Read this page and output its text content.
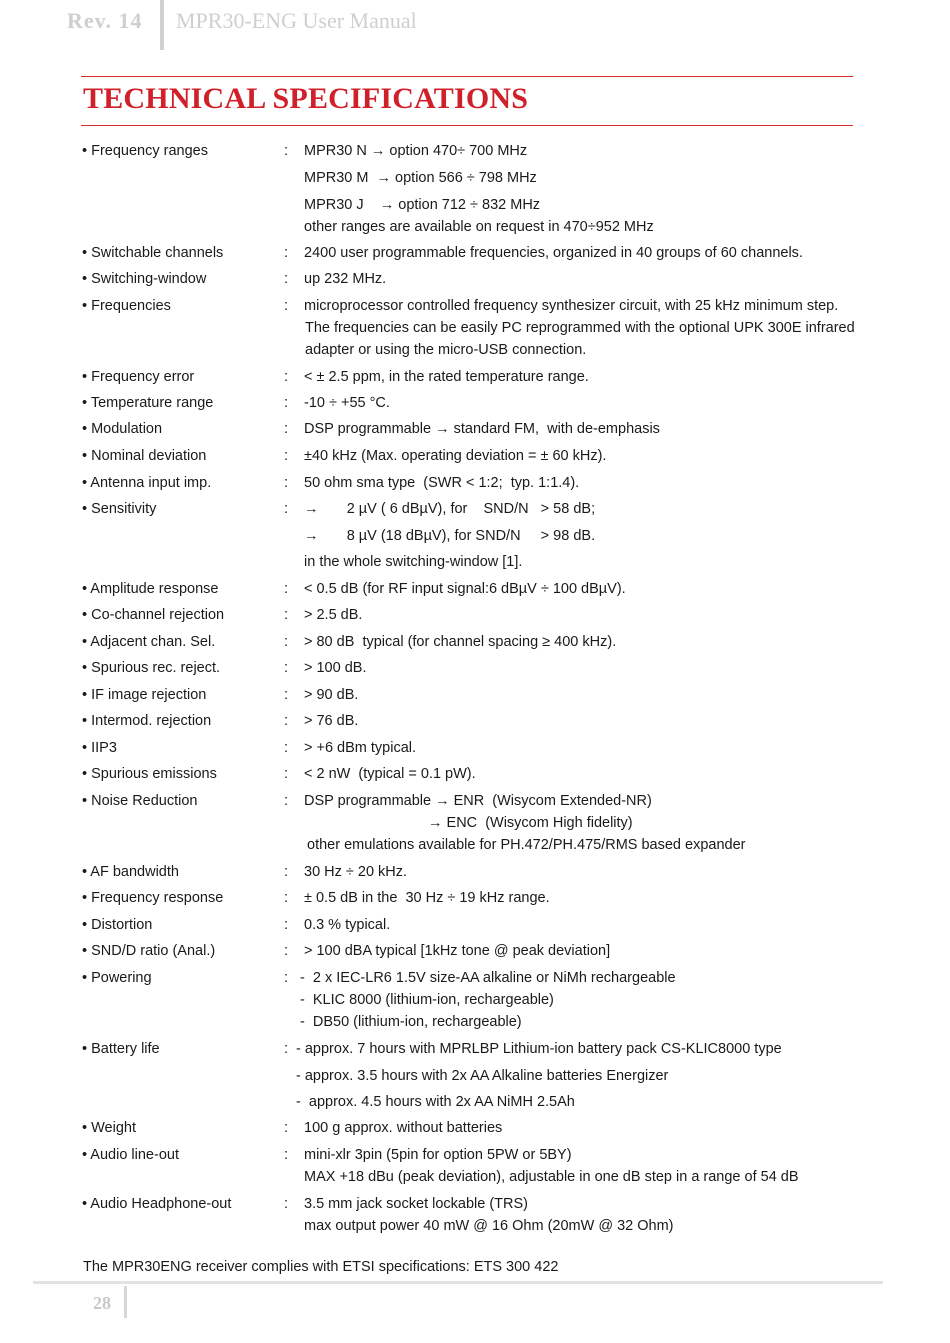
Rev. 14 MPR30-ENG User Manual
TECHNICAL SPECIFICATIONS
• Frequency ranges	: MPR30 N → option 470÷ 700 MHz
MPR30 M  → option 566 ÷ 798 MHz
MPR30 J    → option 712 ÷ 832 MHz
other ranges are available on request in 470÷952 MHz
• Switchable channels	: 2400 user programmable frequencies, organized in 40 groups of 60 channels.
• Switching-window	: up 232 MHz.
• Frequencies	: microprocessor controlled frequency synthesizer circuit, with 25 kHz minimum step.
The frequencies can be easily PC reprogrammed with the optional UPK 300E infrared
adapter or using the micro-USB connection.
• Frequency error	: < ± 2.5 ppm, in the rated temperature range.
• Temperature range	: -10 ÷ +55 °C.
• Modulation	: DSP programmable → standard FM,  with de-emphasis
• Nominal deviation	: ±40 kHz (Max. operating deviation = ± 60 kHz).
• Antenna input imp.	: 50 ohm sma type  (SWR < 1:2;  typ. 1:1.4).
• Sensitivity	: →       2 µV ( 6 dBµV), for    SND/N   > 58 dB;
→       8 µV (18 dBµV), for SND/N     > 98 dB.
in the whole switching-window [1].
• Amplitude response	: < 0.5 dB (for RF input signal:6 dBµV ÷ 100 dBµV).
• Co-channel rejection	: > 2.5 dB.
• Adjacent chan. Sel.	: > 80 dB  typical (for channel spacing ≥ 400 kHz).
• Spurious rec. reject.	: > 100 dB.
• IF image rejection	: > 90 dB.
• Intermod. rejection	: > 76 dB.
• IIP3	: > +6 dBm typical.
• Spurious emissions	: < 2 nW  (typical = 0.1 pW).
• Noise Reduction	: DSP programmable → ENR  (Wisycom Extended-NR)
→ ENC  (Wisycom High fidelity)
other emulations available for PH.472/PH.475/RMS based expander
• AF bandwidth	: 30 Hz ÷ 20 kHz.
• Frequency response	: ± 0.5 dB in the  30 Hz ÷ 19 kHz range.
• Distortion	: 0.3 % typical.
• SND/D ratio (Anal.)	: > 100 dBA typical [1kHz tone @ peak deviation]
• Powering	: -  2 x IEC-LR6 1.5V size-AA alkaline or NiMh rechargeable
-  KLIC 8000 (lithium-ion, rechargeable)
-  DB50 (lithium-ion, rechargeable)
• Battery life	: - approx. 7 hours with MPRLBP Lithium-ion battery pack CS-KLIC8000 type
- approx. 3.5 hours with 2x AA Alkaline batteries Energizer
-  approx. 4.5 hours with 2x AA NiMH 2.5Ah
• Weight	: 100 g approx. without batteries
• Audio line-out	: mini-xlr 3pin (5pin for option 5PW or 5BY)
MAX +18 dBu (peak deviation), adjustable in one dB step in a range of 54 dB
• Audio Headphone-out	: 3.5 mm jack socket lockable (TRS)
max output power 40 mW @ 16 Ohm (20mW @ 32 Ohm)
The MPR30ENG receiver complies with ETSI specifications: ETS 300 422
28
